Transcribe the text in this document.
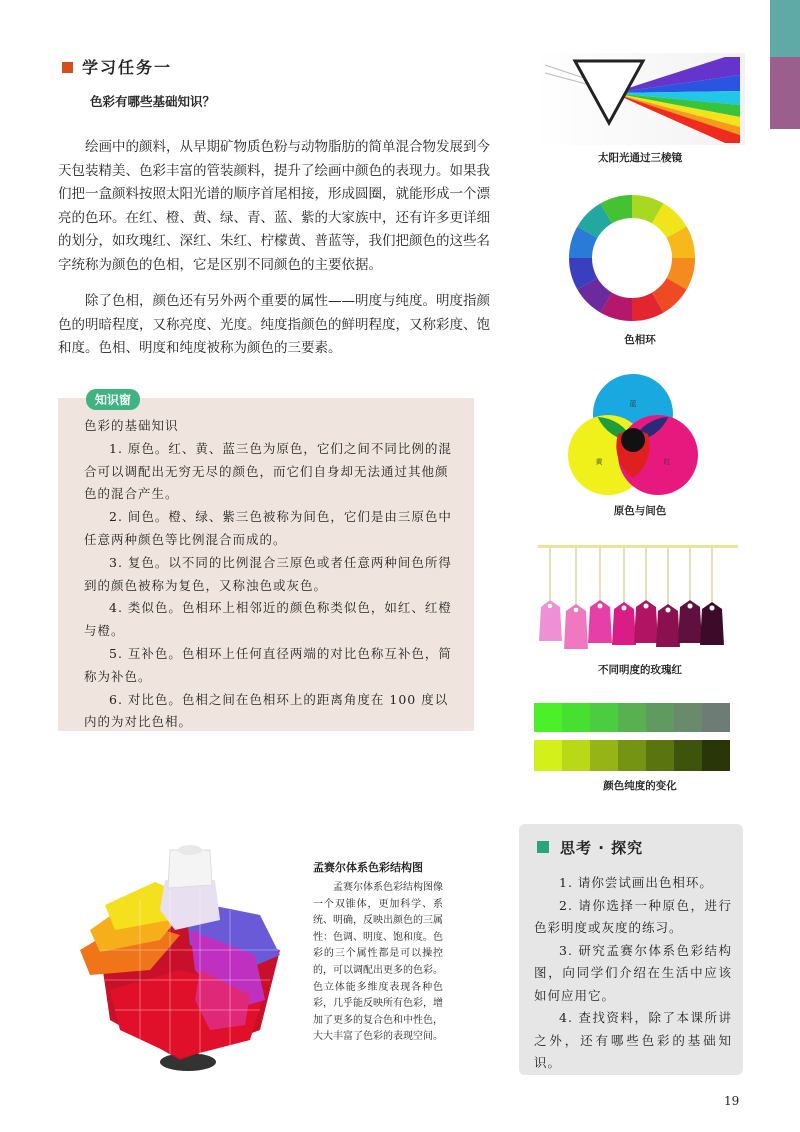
学习任务一
色彩有哪些基础知识？

绘画中的颜料，从早期矿物质色粉与动物脂肪的简单混合物发展到今天包装精美、色彩丰富的管装颜料，提升了绘画中颜色的表现力。如果我们把一盒颜料按照太阳光谱的顺序首尾相接，形成圆圈，就能形成一个漂亮的色环。在红、橙、黄、绿、青、蓝、紫的大家族中，还有许多更详细的划分，如玫瑰红、深红、朱红、柠檬黄、普蓝等，我们把颜色的这些名字统称为颜色的色相，它是区别不同颜色的主要依据。

除了色相，颜色还有另外两个重要的属性——明度与纯度。明度指颜色的明暗程度，又称亮度、光度。纯度指颜色的鲜明程度，又称彩度、饱和度。色相、明度和纯度被称为颜色的三要素。

知识窗

色彩的基础知识

1. 原色。红、黄、蓝三色为原色，它们之间不同比例的混合可以调配出无穷无尽的颜色，而它们自身却无法通过其他颜色的混合产生。

2. 间色。橙、绿、紫三色被称为间色，它们是由三原色中任意两种颜色等比例混合而成的。

3. 复色。以不同的比例混合三原色或者任意两种间色所得到的颜色被称为复色，又称浊色或灰色。

4. 类似色。色相环上相邻近的颜色称类似色，如红、红橙与橙。

5. 互补色。色相环上任何直径两端的对比色称互补色，简称为补色。

6. 对比色。色相之间在色相环上的距离角度在 100 度以内的为对比色相。

太阳光通过三棱镜
色相环
蓝
黄	红
原色与间色
不同明度的玫瑰红
颜色纯度的变化
孟赛尔体系色彩结构图
孟赛尔体系色彩结构图像一个双锥体，更加科学、系统、明确，反映出颜色的三属性：色调、明度、饱和度。色彩的三个属性都是可以操控的，可以调配出更多的色彩。色立体能多维度表现各种色彩，几乎能反映所有色彩，增加了更多的复合色和中性色，大大丰富了色彩的表现空间。
思考 · 探究

1. 请你尝试画出色相环。

2. 请你选择一种原色，进行色彩明度或灰度的练习。

3. 研究孟赛尔体系色彩结构图，向同学们介绍在生活中应该如何应用它。

4. 查找资料，除了本课所讲之外，还有哪些色彩的基础知识。

19
